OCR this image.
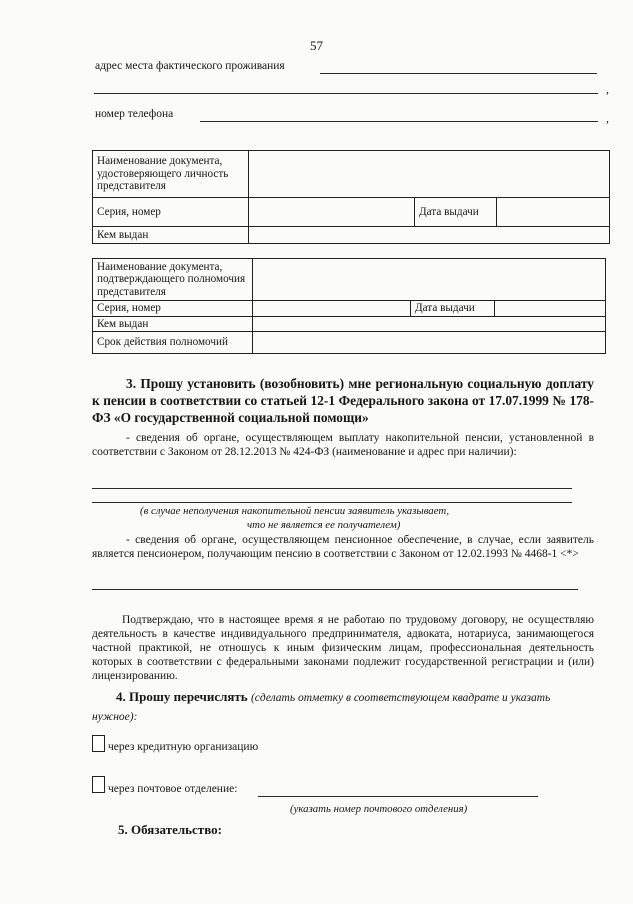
57
адрес места фактического проживания
,
номер телефона	,
Наименование документа, удостоверяющего личность представителя			
Серия, номер		Дата выдачи	
Кем выдан			
Наименование документа, подтверждающего полномочия представителя			
Серия, номер		Дата выдачи	
Кем выдан			
Срок действия полномочий			
3. Прошу установить (возобновить) мне региональную социальную доплату к пенсии в соответствии со статьей 12-1 Федерального закона от 17.07.1999 № 178-ФЗ «О государственной социальной помощи»
- сведения об органе, осуществляющем выплату накопительной пенсии, установленной в соответствии с Законом от 28.12.2013 № 424-ФЗ (наименование и адрес при наличии):
(в случае неполучения накопительной пенсии заявитель указывает,
что не является ее получателем)
- сведения об органе, осуществляющем пенсионное обеспечение, в случае, если заявитель является пенсионером, получающим пенсию в соответствии с Законом от 12.02.1993 № 4468-1 <*>
Подтверждаю, что в настоящее время я не работаю по трудовому договору, не осуществляю деятельность в качестве индивидуального предпринимателя, адвоката, нотариуса, занимающегося частной практикой, не отношусь к иным физическим лицам, профессиональная деятельность которых в соответствии с федеральными законами подлежит государственной регистрации и (или) лицензированию.
4. Прошу перечислять (сделать отметку в соответствующем квадрате и указать нужное):
через кредитную организацию
через почтовое отделение:
(указать номер почтового отделения)
5. Обязательство:
